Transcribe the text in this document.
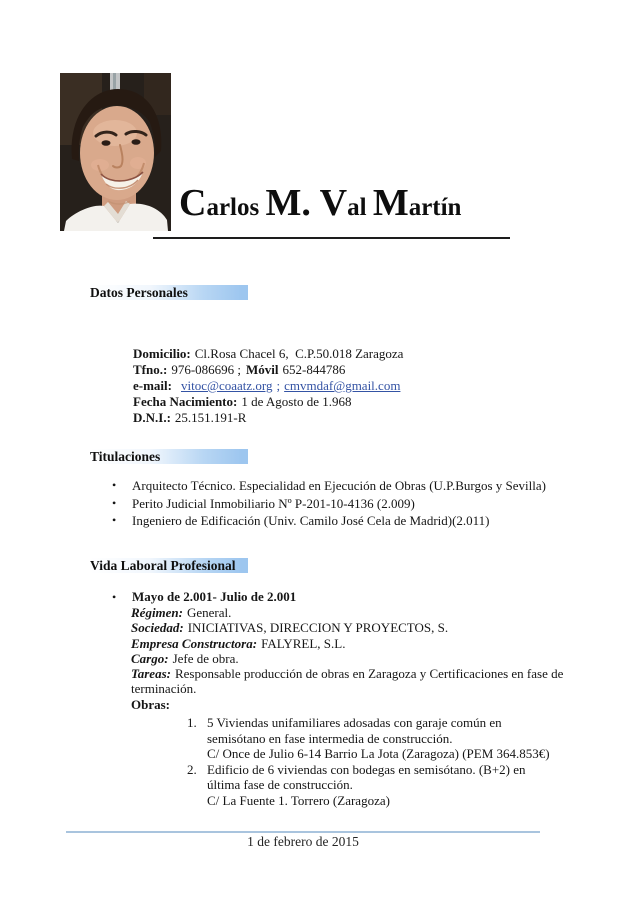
Carlos M. Val Martín
Datos Personales
Domicilio: Cl.Rosa Chacel 6,  C.P.50.018 Zaragoza
Tfno.: 976-086696 ; Móvil 652-844786
e-mail: vitoc@coaatz.org ; cmvmdaf@gmail.com
Fecha Nacimiento: 1 de Agosto de 1.968
D.N.I.: 25.151.191-R
Titulaciones
•	Arquitecto Técnico. Especialidad en Ejecución de Obras (U.P.Burgos y Sevilla)
•	Perito Judicial Inmobiliario Nº P-201-10-4136 (2.009)
•	Ingeniero de Edificación (Univ. Camilo José Cela de Madrid)(2.011)
Vida Laboral Profesional
•	Mayo de 2.001- Julio de 2.001
Régimen: General.
Sociedad: INICIATIVAS, DIRECCION Y PROYECTOS, S.
Empresa Constructora: FALYREL, S.L.
Cargo: Jefe de obra.
Tareas: Responsable producción de obras en Zaragoza y Certificaciones en fase de terminación.
Obras:
1. 5 Viviendas unifamiliares adosadas con garaje común en semisótano en fase intermedia de construcción.
C/ Once de Julio 6-14 Barrio La Jota (Zaragoza) (PEM 364.853€)
2. Edificio de 6 viviendas con bodegas en semisótano. (B+2) en última fase de construcción.
C/ La Fuente 1. Torrero (Zaragoza)
1 de febrero de 2015
